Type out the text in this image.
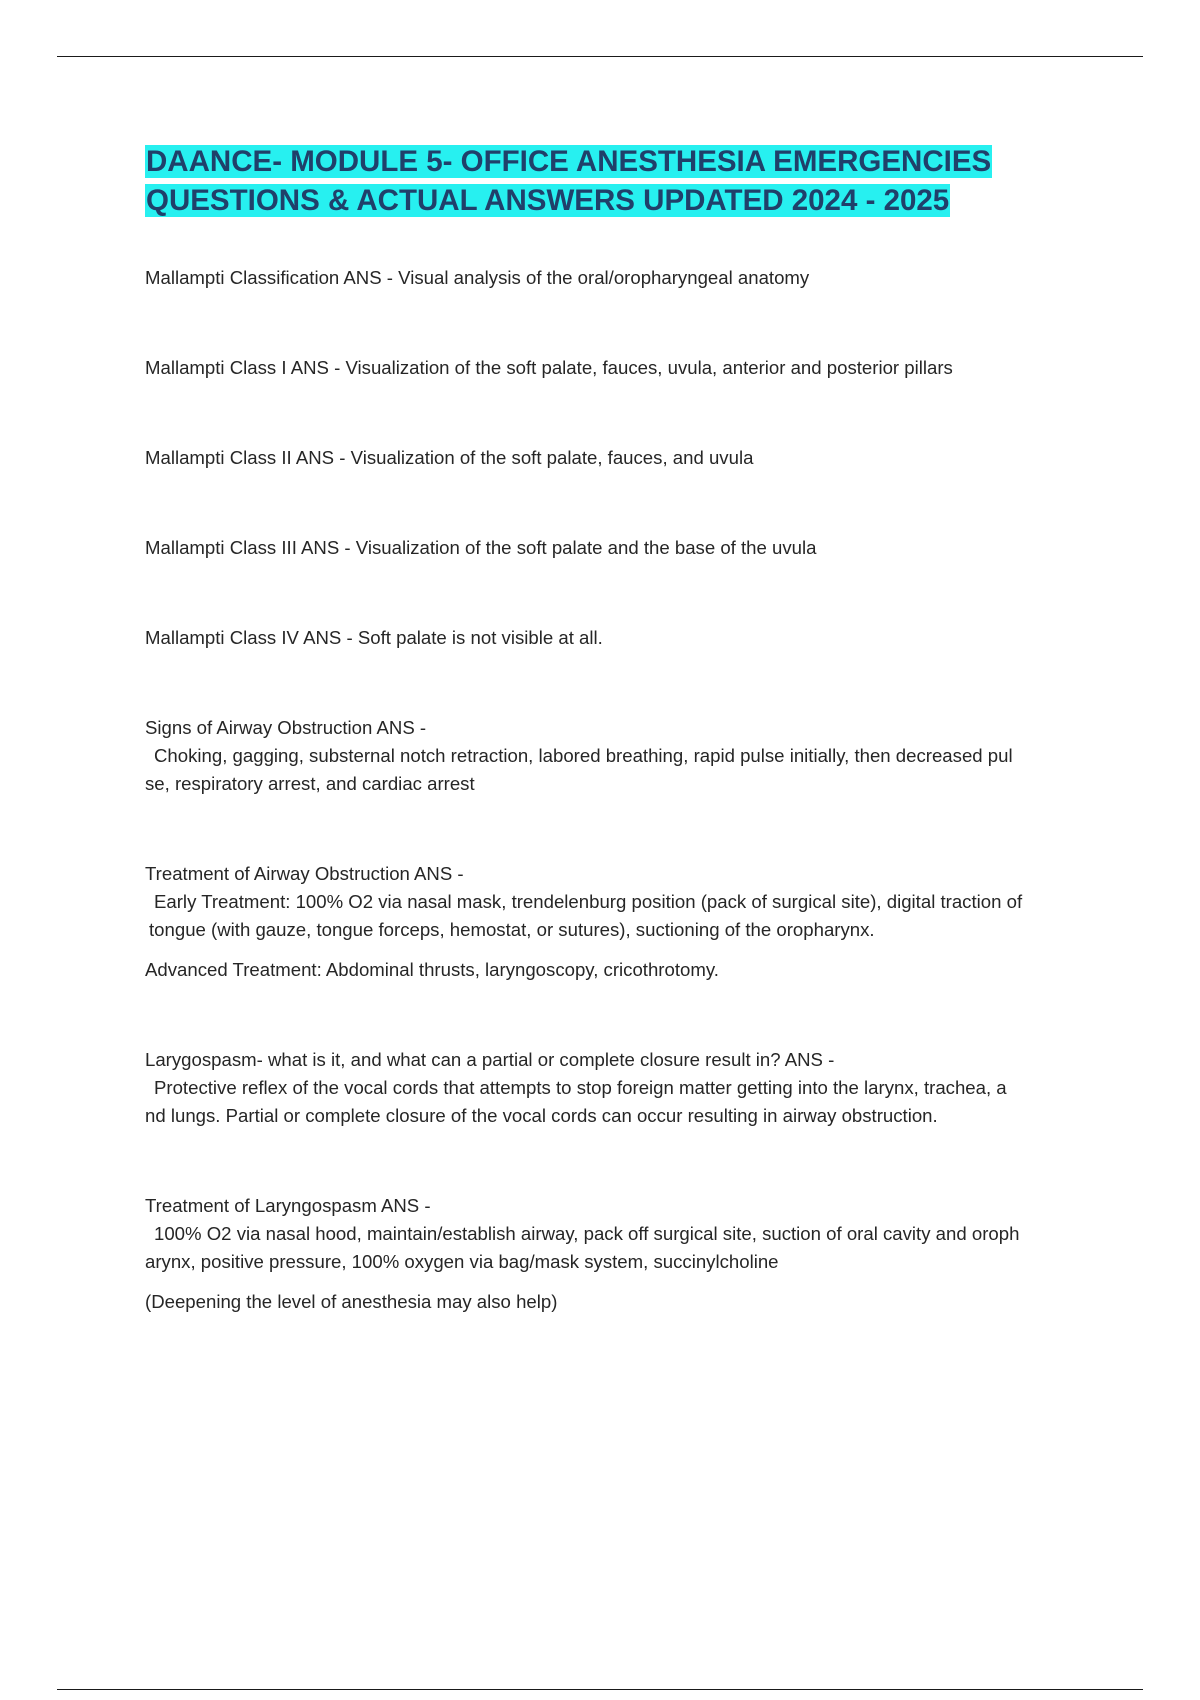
DAANCE- MODULE 5- OFFICE ANESTHESIA EMERGENCIES
QUESTIONS & ACTUAL ANSWERS UPDATED 2024 - 2025
Mallampti Classification ANS - Visual analysis of the oral/oropharyngeal anatomy
Mallampti Class I ANS - Visualization of the soft palate, fauces, uvula, anterior and posterior pillars
Mallampti Class II ANS - Visualization of the soft palate, fauces, and uvula
Mallampti Class III ANS - Visualization of the soft palate and the base of the uvula
Mallampti Class IV ANS - Soft palate is not visible at all.
Signs of Airway Obstruction ANS -
Choking, gagging, substernal notch retraction, labored breathing, rapid pulse initially, then decreased pul
se, respiratory arrest, and cardiac arrest
Treatment of Airway Obstruction ANS -
Early Treatment: 100% O2 via nasal mask, trendelenburg position (pack of surgical site), digital traction of
tongue (with gauze, tongue forceps, hemostat, or sutures), suctioning of the oropharynx.
Advanced Treatment: Abdominal thrusts, laryngoscopy, cricothrotomy.
Larygospasm- what is it, and what can a partial or complete closure result in? ANS -
Protective reflex of the vocal cords that attempts to stop foreign matter getting into the larynx, trachea, a
nd lungs. Partial or complete closure of the vocal cords can occur resulting in airway obstruction.
Treatment of Laryngospasm ANS -
100% O2 via nasal hood, maintain/establish airway, pack off surgical site, suction of oral cavity and oroph
arynx, positive pressure, 100% oxygen via bag/mask system, succinylcholine
(Deepening the level of anesthesia may also help)
